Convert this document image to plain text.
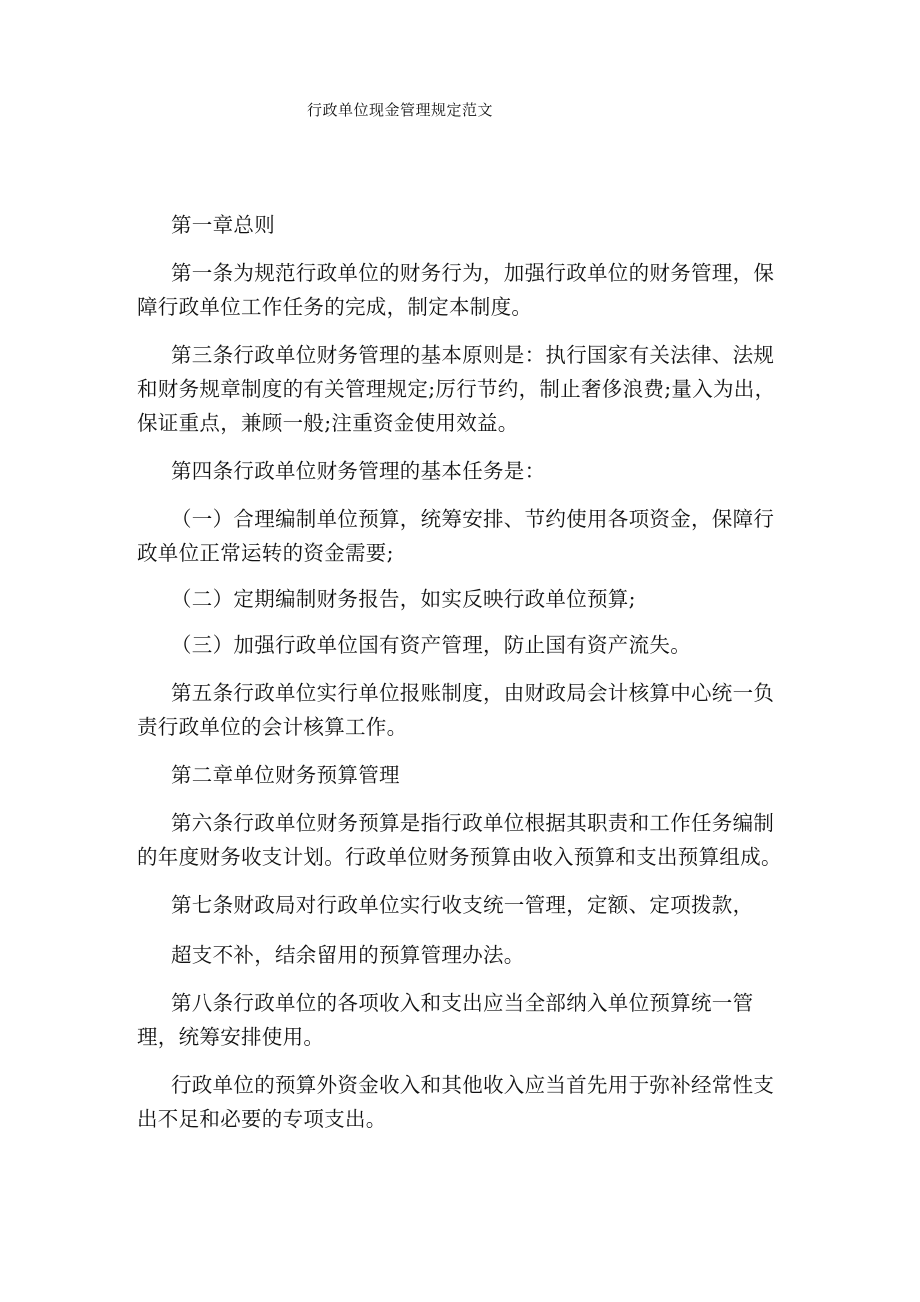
行政单位现金管理规定范文

第一章总则

第一条为规范行政单位的财务行为，加强行政单位的财务管理，保障行政单位工作任务的完成，制定本制度。

第三条行政单位财务管理的基本原则是：执行国家有关法律、法规和财务规章制度的有关管理规定;厉行节约，制止奢侈浪费;量入为出，保证重点，兼顾一般;注重资金使用效益。

第四条行政单位财务管理的基本任务是：

（一）合理编制单位预算，统筹安排、节约使用各项资金，保障行 政单位正常运转的资金需要;

（二）定期编制财务报告，如实反映行政单位预算;

（三）加强行政单位国有资产管理，防止国有资产流失。

第五条行政单位实行单位报账制度，由财政局会计核算中心统一负责行政单位的会计核算工作。

第二章单位财务预算管理

第六条行政单位财务预算是指行政单位根据其职责和工作任务编制的年度财务收支计划。行政单位财务预算由收入预算和支出预算组成。

第七条财政局对行政单位实行收支统一管理，定额、定项拨款，

超支不补，结余留用的预算管理办法。

第八条行政单位的各项收入和支出应当全部纳入单位预算统一管理，统筹安排使用。

行政单位的预算外资金收入和其他收入应当首先用于弥补经常性支出不足和必要的专项支出。
